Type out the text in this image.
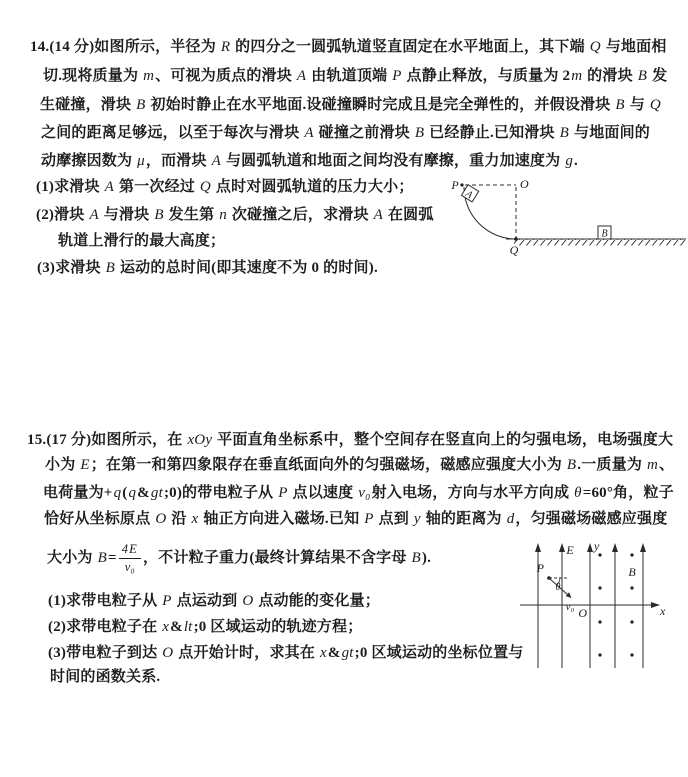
14.(14 分)如图所示，半径为 R 的四分之一圆弧轨道竖直固定在水平地面上，其下端 Q 与地面相
切.现将质量为 m、可视为质点的滑块 A 由轨道顶端 P 点静止释放，与质量为 2m 的滑块 B 发
生碰撞，滑块 B 初始时静止在水平地面.设碰撞瞬时完成且是完全弹性的，并假设滑块 B 与 Q
之间的距离足够远，以至于每次与滑块 A 碰撞之前滑块 B 已经静止.已知滑块 B 与地面间的
动摩擦因数为 μ，而滑块 A 与圆弧轨道和地面之间均没有摩擦，重力加速度为 g.
(1)求滑块 A 第一次经过 Q 点时对圆弧轨道的压力大小；
(2)滑块 A 与滑块 B 发生第 n 次碰撞之后，求滑块 A 在圆弧
轨道上滑行的最大高度；
(3)求滑块 B 运动的总时间(即其速度不为 0 的时间).
A
B
P	O
Q
15.(17 分)如图所示，在 xOy 平面直角坐标系中，整个空间存在竖直向上的匀强电场，电场强度大
小为 E；在第一和第四象限存在垂直纸面向外的匀强磁场，磁感应强度大小为 B.一质量为 m、
电荷量为+q(q&gt;0)的带电粒子从 P 点以速度 v₀射入电场，方向与水平方向成 θ=60°角，粒子
恰好从坐标原点 O 沿 x 轴正方向进入磁场.已知 P 点到 y 轴的距离为 d，匀强磁场磁感应强度
大小为 $B= \frac{4E}{\text{v₀}}$ ，不计粒子重力(最终计算结果不含字母 B).
(1)求带电粒子从 P 点运动到 O 点动能的变化量；
(2)求带电粒子在 x&lt;0 区域运动的轨迹方程；
(3)带电粒子到达 O 点开始计时，求其在 x&gt;0 区域运动的坐标位置与
时间的函数关系.
E y
B
P
v₀
θ
O	x
